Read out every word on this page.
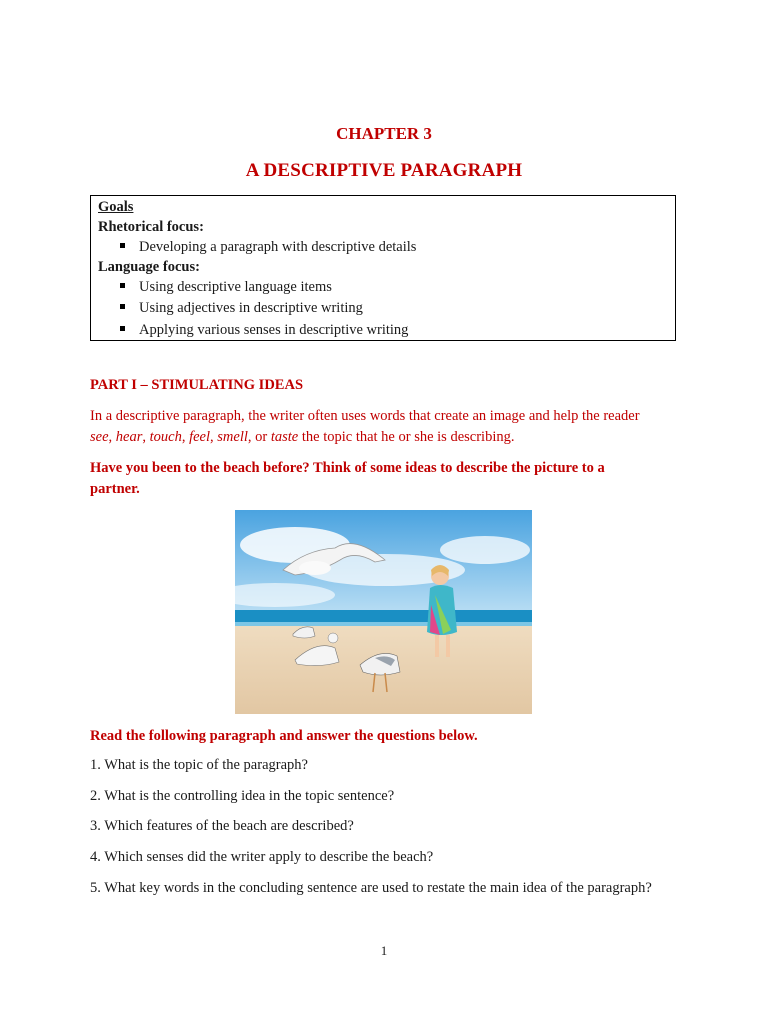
CHAPTER 3
A DESCRIPTIVE PARAGRAPH
Goals
Rhetorical focus:
Developing a paragraph with descriptive details
Language focus:
Using descriptive language items
Using adjectives in descriptive writing
Applying various senses in descriptive writing
PART I – STIMULATING IDEAS
In a descriptive paragraph, the writer often uses words that create an image and help the reader
see, hear, touch, feel, smell, or taste the topic that he or she is describing.
Have you been to the beach before? Think of some ideas to describe the picture to a
partner.
Read the following paragraph and answer the questions below.
1. What is the topic of the paragraph?
2. What is the controlling idea in the topic sentence?
3. Which features of the beach are described?
4. Which senses did the writer apply to describe the beach?
5. What key words in the concluding sentence are used to restate the main idea of the paragraph?
1
